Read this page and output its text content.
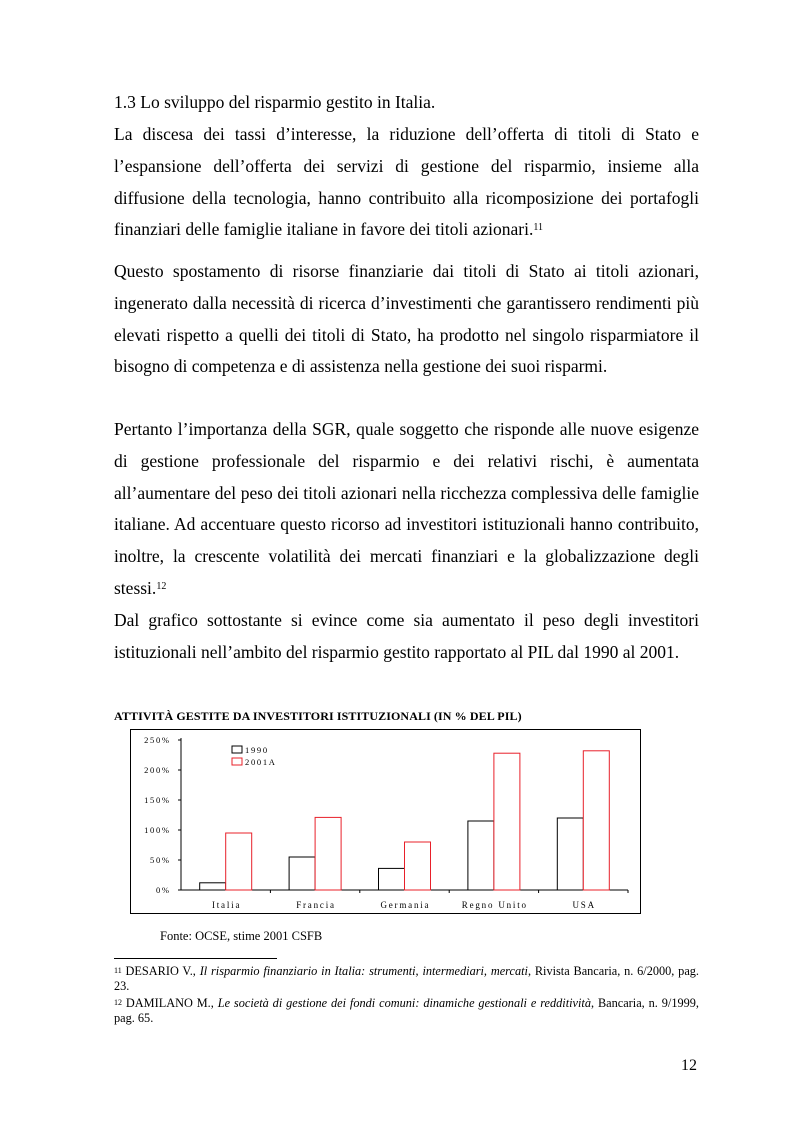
1.3 Lo sviluppo del risparmio gestito in Italia.

La discesa dei tassi d’interesse, la riduzione dell’offerta di titoli di Stato e l’espansione dell’offerta dei servizi di gestione del risparmio, insieme alla diffusione della tecnologia, hanno contribuito alla ricomposizione dei portafogli finanziari delle famiglie italiane in favore dei titoli azionari.$^{11}$

Questo spostamento di risorse finanziarie dai titoli di Stato ai titoli azionari, ingenerato dalla necessità di ricerca d’investimenti che garantissero rendimenti più elevati rispetto a quelli dei titoli di Stato, ha prodotto nel singolo risparmiatore il bisogno di competenza e di assistenza nella gestione dei suoi risparmi.

Pertanto l’importanza della SGR, quale soggetto che risponde alle nuove esigenze di gestione professionale del risparmio e dei relativi rischi, è aumentata all’aumentare del peso dei titoli azionari nella ricchezza complessiva delle famiglie italiane. Ad accentuare questo ricorso ad investitori istituzionali hanno contribuito, inoltre, la crescente volatilità dei mercati finanziari e la globalizzazione degli stessi.$^{12}$

Dal grafico sottostante si evince come sia aumentato il peso degli investitori istituzionali nell’ambito del risparmio gestito rapportato al PIL dal 1990 al 2001.

ATTIVITÀ GESTITE DA INVESTITORI ISTITUZIONALI (IN % DEL PIL)
0 %
5 0 %
1 0 0 %
1 5 0 %
2 0 0 %
2 5 0 %
I t a l i a	F r a n c i a	G e r m a n i a	R e g n o   U n i t o	U S A
1 9 9 0
2 0 0 1 A
Fonte: OCSE, stime 2001 CSFB

$^{11}$ DESARIO V., Il risparmio finanziario in Italia: strumenti, intermediari, mercati, Rivista Bancaria, n. 6/2000, pag. 23.

$^{12}$ DAMILANO M., Le società di gestione dei fondi comuni: dinamiche gestionali e redditività, Bancaria, n. 9/1999, pag. 65.

12
